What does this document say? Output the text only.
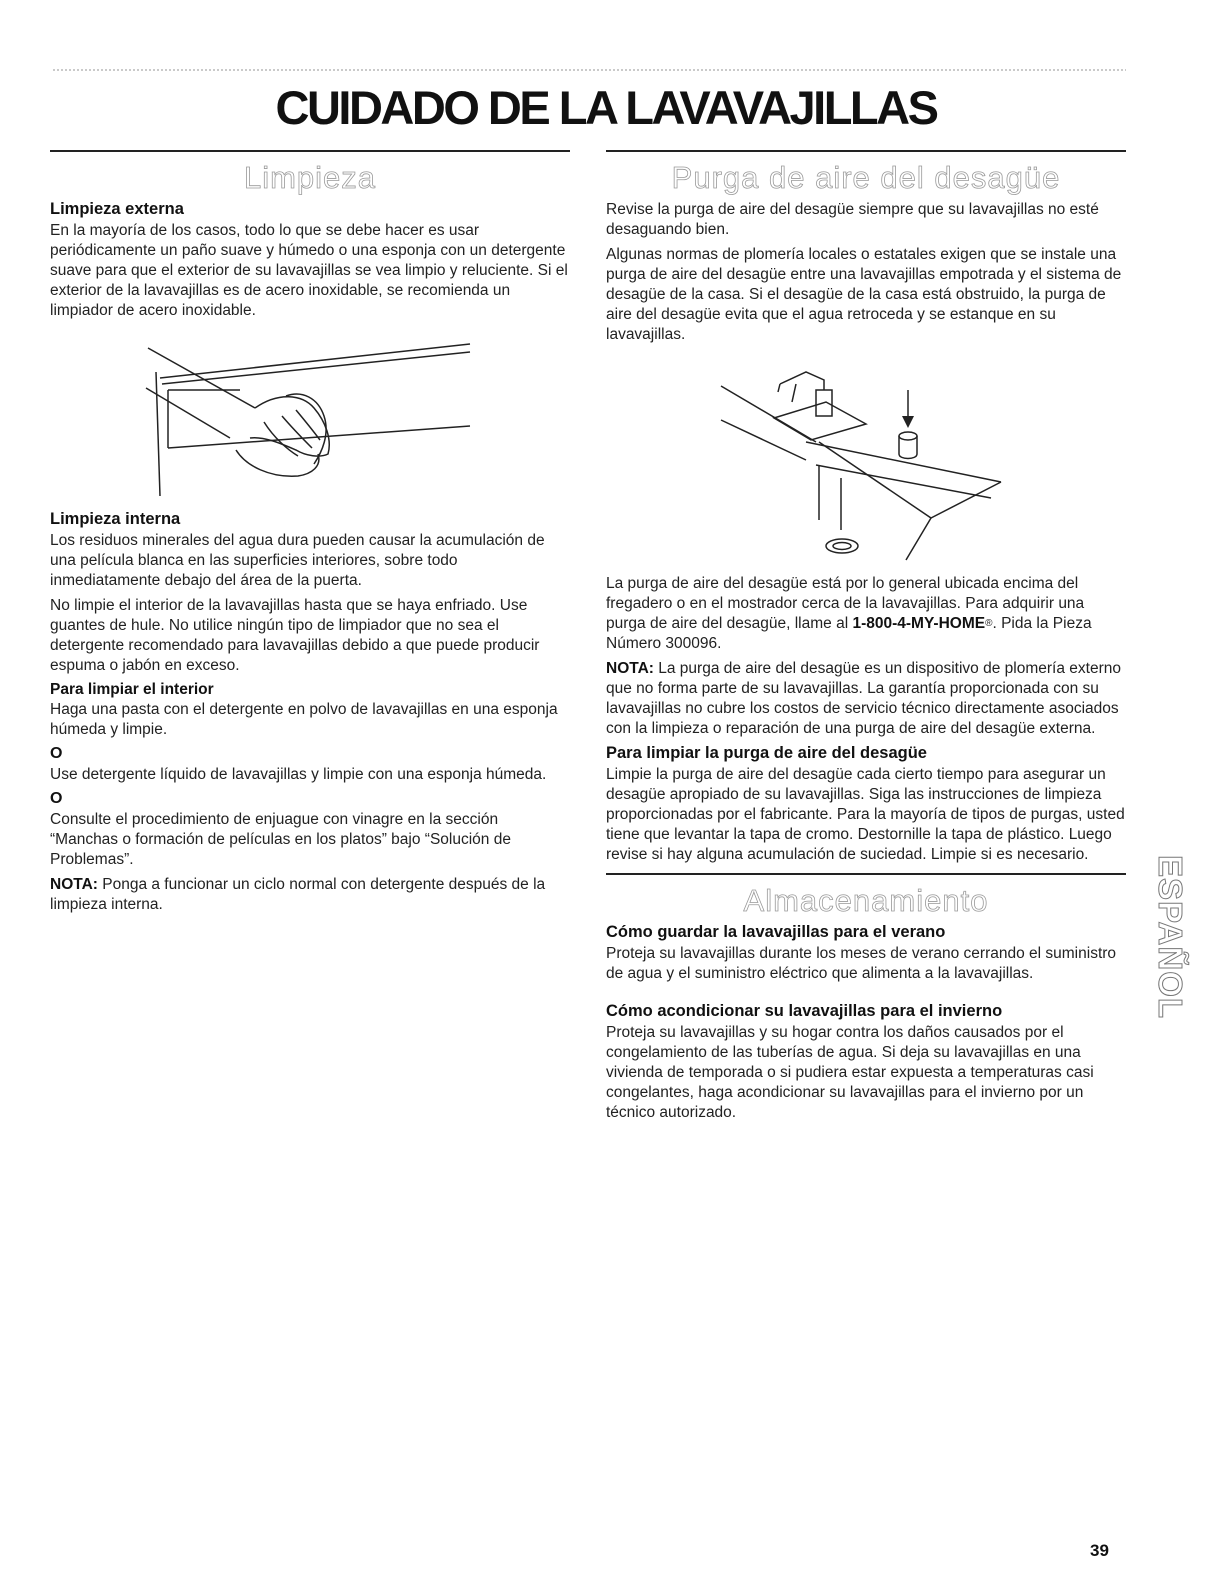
CUIDADO DE LA LAVAVAJILLAS
Limpieza
Limpieza externa

En la mayoría de los casos, todo lo que se debe hacer es usar periódicamente un paño suave y húmedo o una esponja con un detergente suave para que el exterior de su lavavajillas se vea limpio y reluciente. Si el exterior de la lavavajillas es de acero inoxidable, se recomienda un limpiador de acero inoxidable.

Limpieza interna

Los residuos minerales del agua dura pueden causar la acumulación de una película blanca en las superficies interiores, sobre todo inmediatamente debajo del área de la puerta.

No limpie el interior de la lavavajillas hasta que se haya enfriado. Use guantes de hule. No utilice ningún tipo de limpiador que no sea el detergente recomendado para lavavajillas debido a que puede producir espuma o jabón en exceso.

Para limpiar el interior

Haga una pasta con el detergente en polvo de lavavajillas en una esponja húmeda y limpie.

O

Use detergente líquido de lavavajillas y limpie con una esponja húmeda.

O

Consulte el procedimiento de enjuague con vinagre en la sección “Manchas o formación de películas en los platos” bajo “Solución de Problemas”.

NOTA: Ponga a funcionar un ciclo normal con detergente después de la limpieza interna.

Purga de aire del desagüe

Revise la purga de aire del desagüe siempre que su lavavajillas no esté desaguando bien.

Algunas normas de plomería locales o estatales exigen que se instale una purga de aire del desagüe entre una lavavajillas empotrada y el sistema de desagüe de la casa. Si el desagüe de la casa está obstruido, la purga de aire del desagüe evita que el agua retroceda y se estanque en su lavavajillas.

La purga de aire del desagüe está por lo general ubicada encima del fregadero o en el mostrador cerca de la lavavajillas. Para adquirir una purga de aire del desagüe, llame al 1-800-4-MY-HOME®. Pida la Pieza Número 300096.

NOTA: La purga de aire del desagüe es un dispositivo de plomería externo que no forma parte de su lavavajillas. La garantía proporcionada con su lavavajillas no cubre los costos de servicio técnico directamente asociados con la limpieza o reparación de una purga de aire del desagüe externa.

Para limpiar la purga de aire del desagüe

Limpie la purga de aire del desagüe cada cierto tiempo para asegurar un desagüe apropiado de su lavavajillas. Siga las instrucciones de limpieza proporcionadas por el fabricante. Para la mayoría de tipos de purgas, usted tiene que levantar la tapa de cromo. Destornille la tapa de plástico. Luego revise si hay alguna acumulación de suciedad. Limpie si es necesario.

Almacenamiento
Cómo guardar la lavavajillas para el verano

Proteja su lavavajillas durante los meses de verano cerrando el suministro de agua y el suministro eléctrico que alimenta a la lavavajillas.

Cómo acondicionar su lavavajillas para el invierno

Proteja su lavavajillas y su hogar contra los daños causados por el congelamiento de las tuberías de agua. Si deja su lavavajillas en una vivienda de temporada o si pudiera estar expuesta a temperaturas casi congelantes, haga acondicionar su lavavajillas para el invierno por un técnico autorizado.

ESPAÑOL
39
